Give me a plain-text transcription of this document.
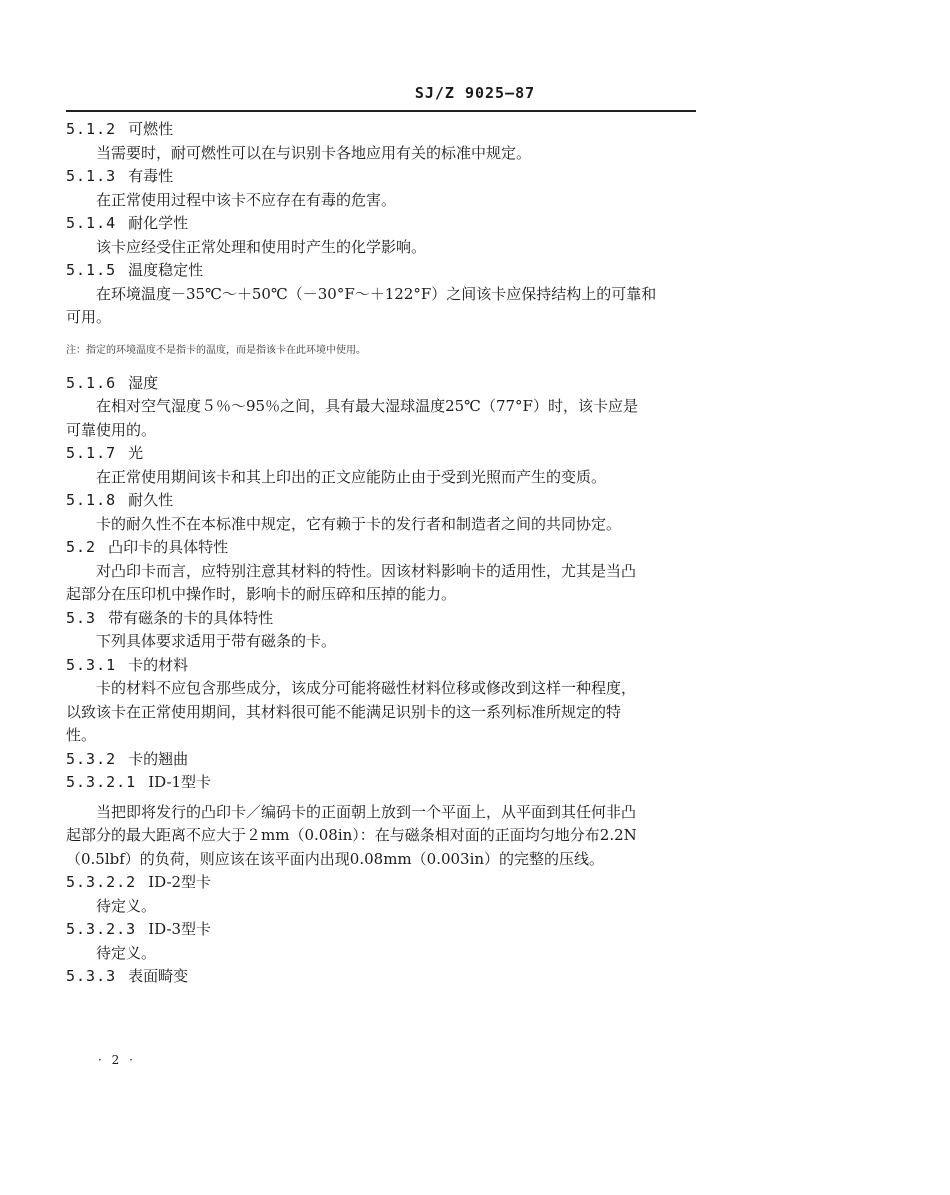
SJ/Z 9025—87
5.1.2 可燃性
当需要时，耐可燃性可以在与识别卡各地应用有关的标准中规定。
5.1.3 有毒性
在正常使用过程中该卡不应存在有毒的危害。
5.1.4 耐化学性
该卡应经受住正常处理和使用时产生的化学影响。
5.1.5 温度稳定性
在环境温度－35℃～＋50℃（－30°F～＋122°F）之间该卡应保持结构上的可靠和
可用。
注：指定的环境温度不是指卡的温度，而是指该卡在此环境中使用。
5.1.6 湿度
在相对空气湿度５％～95％之间，具有最大湿球温度25℃（77°F）时，该卡应是
可靠使用的。
5.1.7 光
在正常使用期间该卡和其上印出的正文应能防止由于受到光照而产生的变质。
5.1.8 耐久性
卡的耐久性不在本标准中规定，它有赖于卡的发行者和制造者之间的共同协定。
5.2 凸印卡的具体特性
对凸印卡而言，应特别注意其材料的特性。因该材料影响卡的适用性，尤其是当凸
起部分在压印机中操作时，影响卡的耐压碎和压掉的能力。
5.3 带有磁条的卡的具体特性
下列具体要求适用于带有磁条的卡。
5.3.1 卡的材料
卡的材料不应包含那些成分，该成分可能将磁性材料位移或修改到这样一种程度，
以致该卡在正常使用期间，其材料很可能不能满足识别卡的这一系列标准所规定的特
性。
5.3.2 卡的翘曲
5.3.2.1 ID-1型卡
当把即将发行的凸印卡／编码卡的正面朝上放到一个平面上，从平面到其任何非凸
起部分的最大距离不应大于２mm（0.08in）：在与磁条相对面的正面均匀地分布2.2N
（0.5lbf）的负荷，则应该在该平面内出现0.08mm（0.003in）的完整的压线。
5.3.2.2 ID-2型卡
待定义。
5.3.2.3 ID-3型卡
待定义。
5.3.3 表面畸变
· 2 ·
